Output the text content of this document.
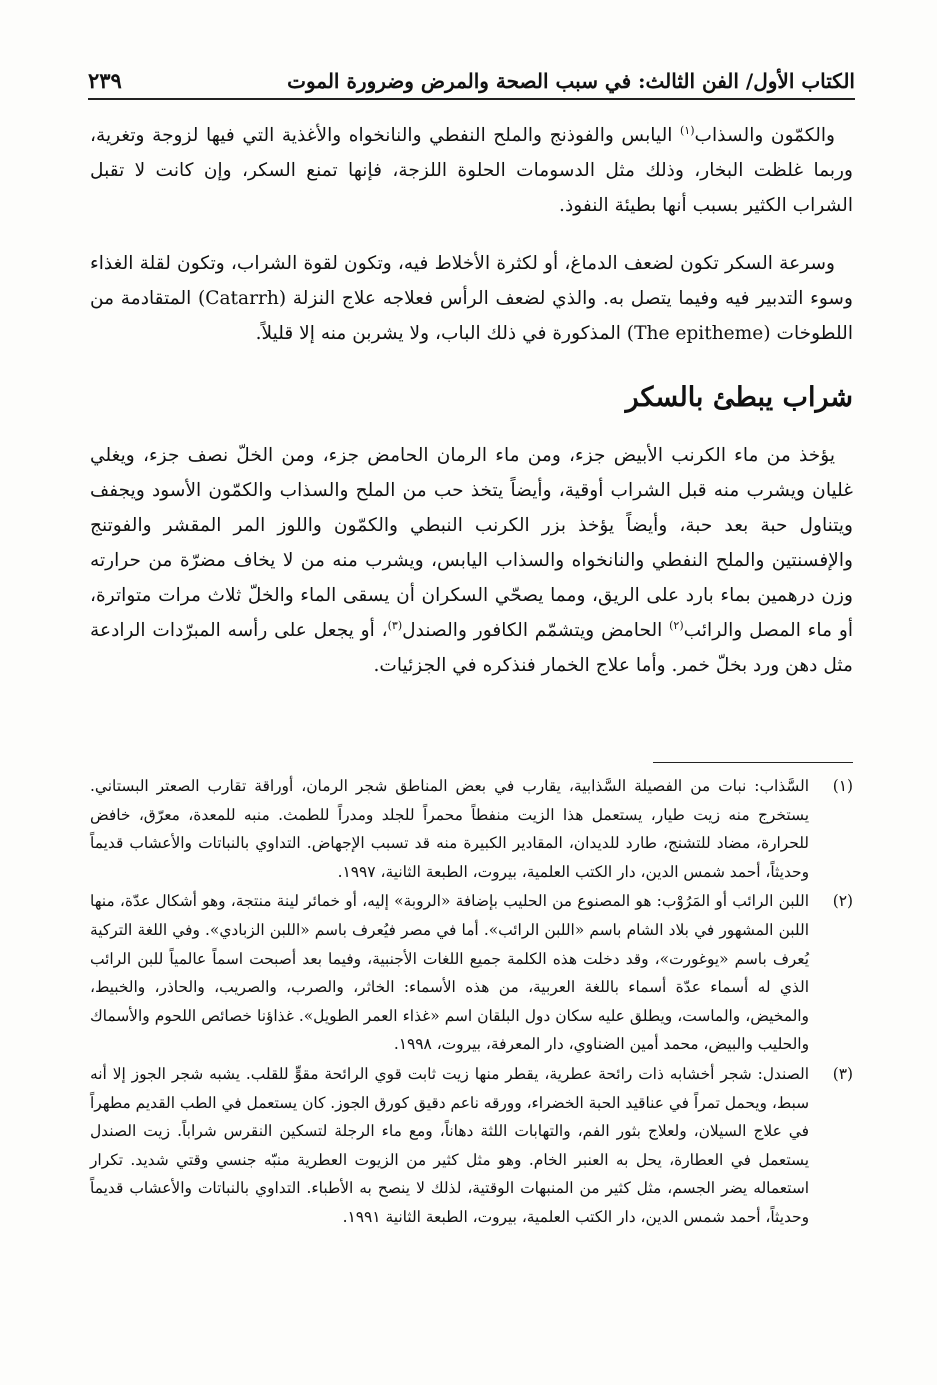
الكتاب الأول/ الفن الثالث: في سبب الصحة والمرض وضرورة الموت
٢٣٩

والكمّون والسذاب$^{(١)}$ اليابس والفوذنج والملح النفطي والنانخواه والأغذية التي فيها لزوجة وتغرية، وربما غلظت البخار، وذلك مثل الدسومات الحلوة اللزجة، فإنها تمنع السكر، وإن كانت لا تقبل الشراب الكثير بسبب أنها بطيئة النفوذ.

وسرعة السكر تكون لضعف الدماغ، أو لكثرة الأخلاط فيه، وتكون لقوة الشراب، وتكون لقلة الغذاء وسوء التدبير فيه وفيما يتصل به. والذي لضعف الرأس فعلاجه علاج النزلة (Catarrh) المتقادمة من اللطوخات (The epitheme) المذكورة في ذلك الباب، ولا يشربن منه إلا قليلاً.

شراب يبطئ بالسكر

يؤخذ من ماء الكرنب الأبيض جزء، ومن ماء الرمان الحامض جزء، ومن الخلّ نصف جزء، ويغلي غليان ويشرب منه قبل الشراب أوقية، وأيضاً يتخذ حب من الملح والسذاب والكمّون الأسود ويجفف ويتناول حبة بعد حبة، وأيضاً يؤخذ بزر الكرنب النبطي والكمّون واللوز المر المقشر والفوتنج والإفسنتين والملح النفطي والنانخواه والسذاب اليابس، ويشرب منه من لا يخاف مضرّة من حرارته وزن درهمين بماء بارد على الريق، ومما يصحّي السكران أن يسقى الماء والخلّ ثلاث مرات متواترة، أو ماء المصل والرائب$^{(٢)}$ الحامض ويتشمّم الكافور والصندل$^{(٣)}$، أو يجعل على رأسه المبرّدات الرادعة مثل دهن ورد بخلّ خمر. وأما علاج الخمار فنذكره في الجزئيات.

(١)
السَّذاب: نبات من الفصيلة السَّذابية، يقارب في بعض المناطق شجر الرمان، أوراقة تقارب الصعتر البستاني. يستخرج منه زيت طيار، يستعمل هذا الزيت منفطاً محمراً للجلد ومدراً للطمث. منبه للمعدة، معرّق، خافض للحرارة، مضاد للتشنج، طارد للديدان، المقادير الكبيرة منه قد تسبب الإجهاض. التداوي بالنباتات والأعشاب قديماً وحديثاً، أحمد شمس الدين، دار الكتب العلمية، بيروت، الطبعة الثانية، ١٩٩٧.
(٢)
اللبن الرائب أو المَرُوْب: هو المصنوع من الحليب بإضافة «الروبة» إليه، أو خمائر لينة منتجة، وهو أشكال عدّة، منها اللبن المشهور في بلاد الشام باسم «اللبن الرائب». أما في مصر فيُعرف باسم «اللبن الزبادي». وفي اللغة التركية يُعرف باسم «يوغورت»، وقد دخلت هذه الكلمة جميع اللغات الأجنبية، وفيما بعد أصبحت اسماً عالمياً للبن الرائب الذي له أسماء عدّة أسماء باللغة العربية، من هذه الأسماء: الخاثر، والصرب، والصريب، والحاذر، والخبيط، والمخيض، والماست، ويطلق عليه سكان دول البلقان اسم «غذاء العمر الطويل». غذاؤنا خصائص اللحوم والأسماك والحليب والبيض، محمد أمين الضناوي، دار المعرفة، بيروت، ١٩٩٨.
(٣)
الصندل: شجر أخشابه ذات رائحة عطرية، يقطر منها زيت ثابت قوي الرائحة مقوٍّ للقلب. يشبه شجر الجوز إلا أنه سبط، ويحمل تمراً في عناقيد الحبة الخضراء، وورقه ناعم دقيق كورق الجوز. كان يستعمل في الطب القديم مطهراً في علاج السيلان، ولعلاج بثور الفم، والتهابات اللثة دهاناً، ومع ماء الرجلة لتسكين النقرس شراباً. زيت الصندل يستعمل في العطارة، يحل به العنبر الخام. وهو مثل كثير من الزيوت العطرية منبّه جنسي وقتي شديد. تكرار استعماله يضر الجسم، مثل كثير من المنبهات الوقتية، لذلك لا ينصح به الأطباء. التداوي بالنباتات والأعشاب قديماً وحديثاً، أحمد شمس الدين، دار الكتب العلمية، بيروت، الطبعة الثانية ١٩٩١.
